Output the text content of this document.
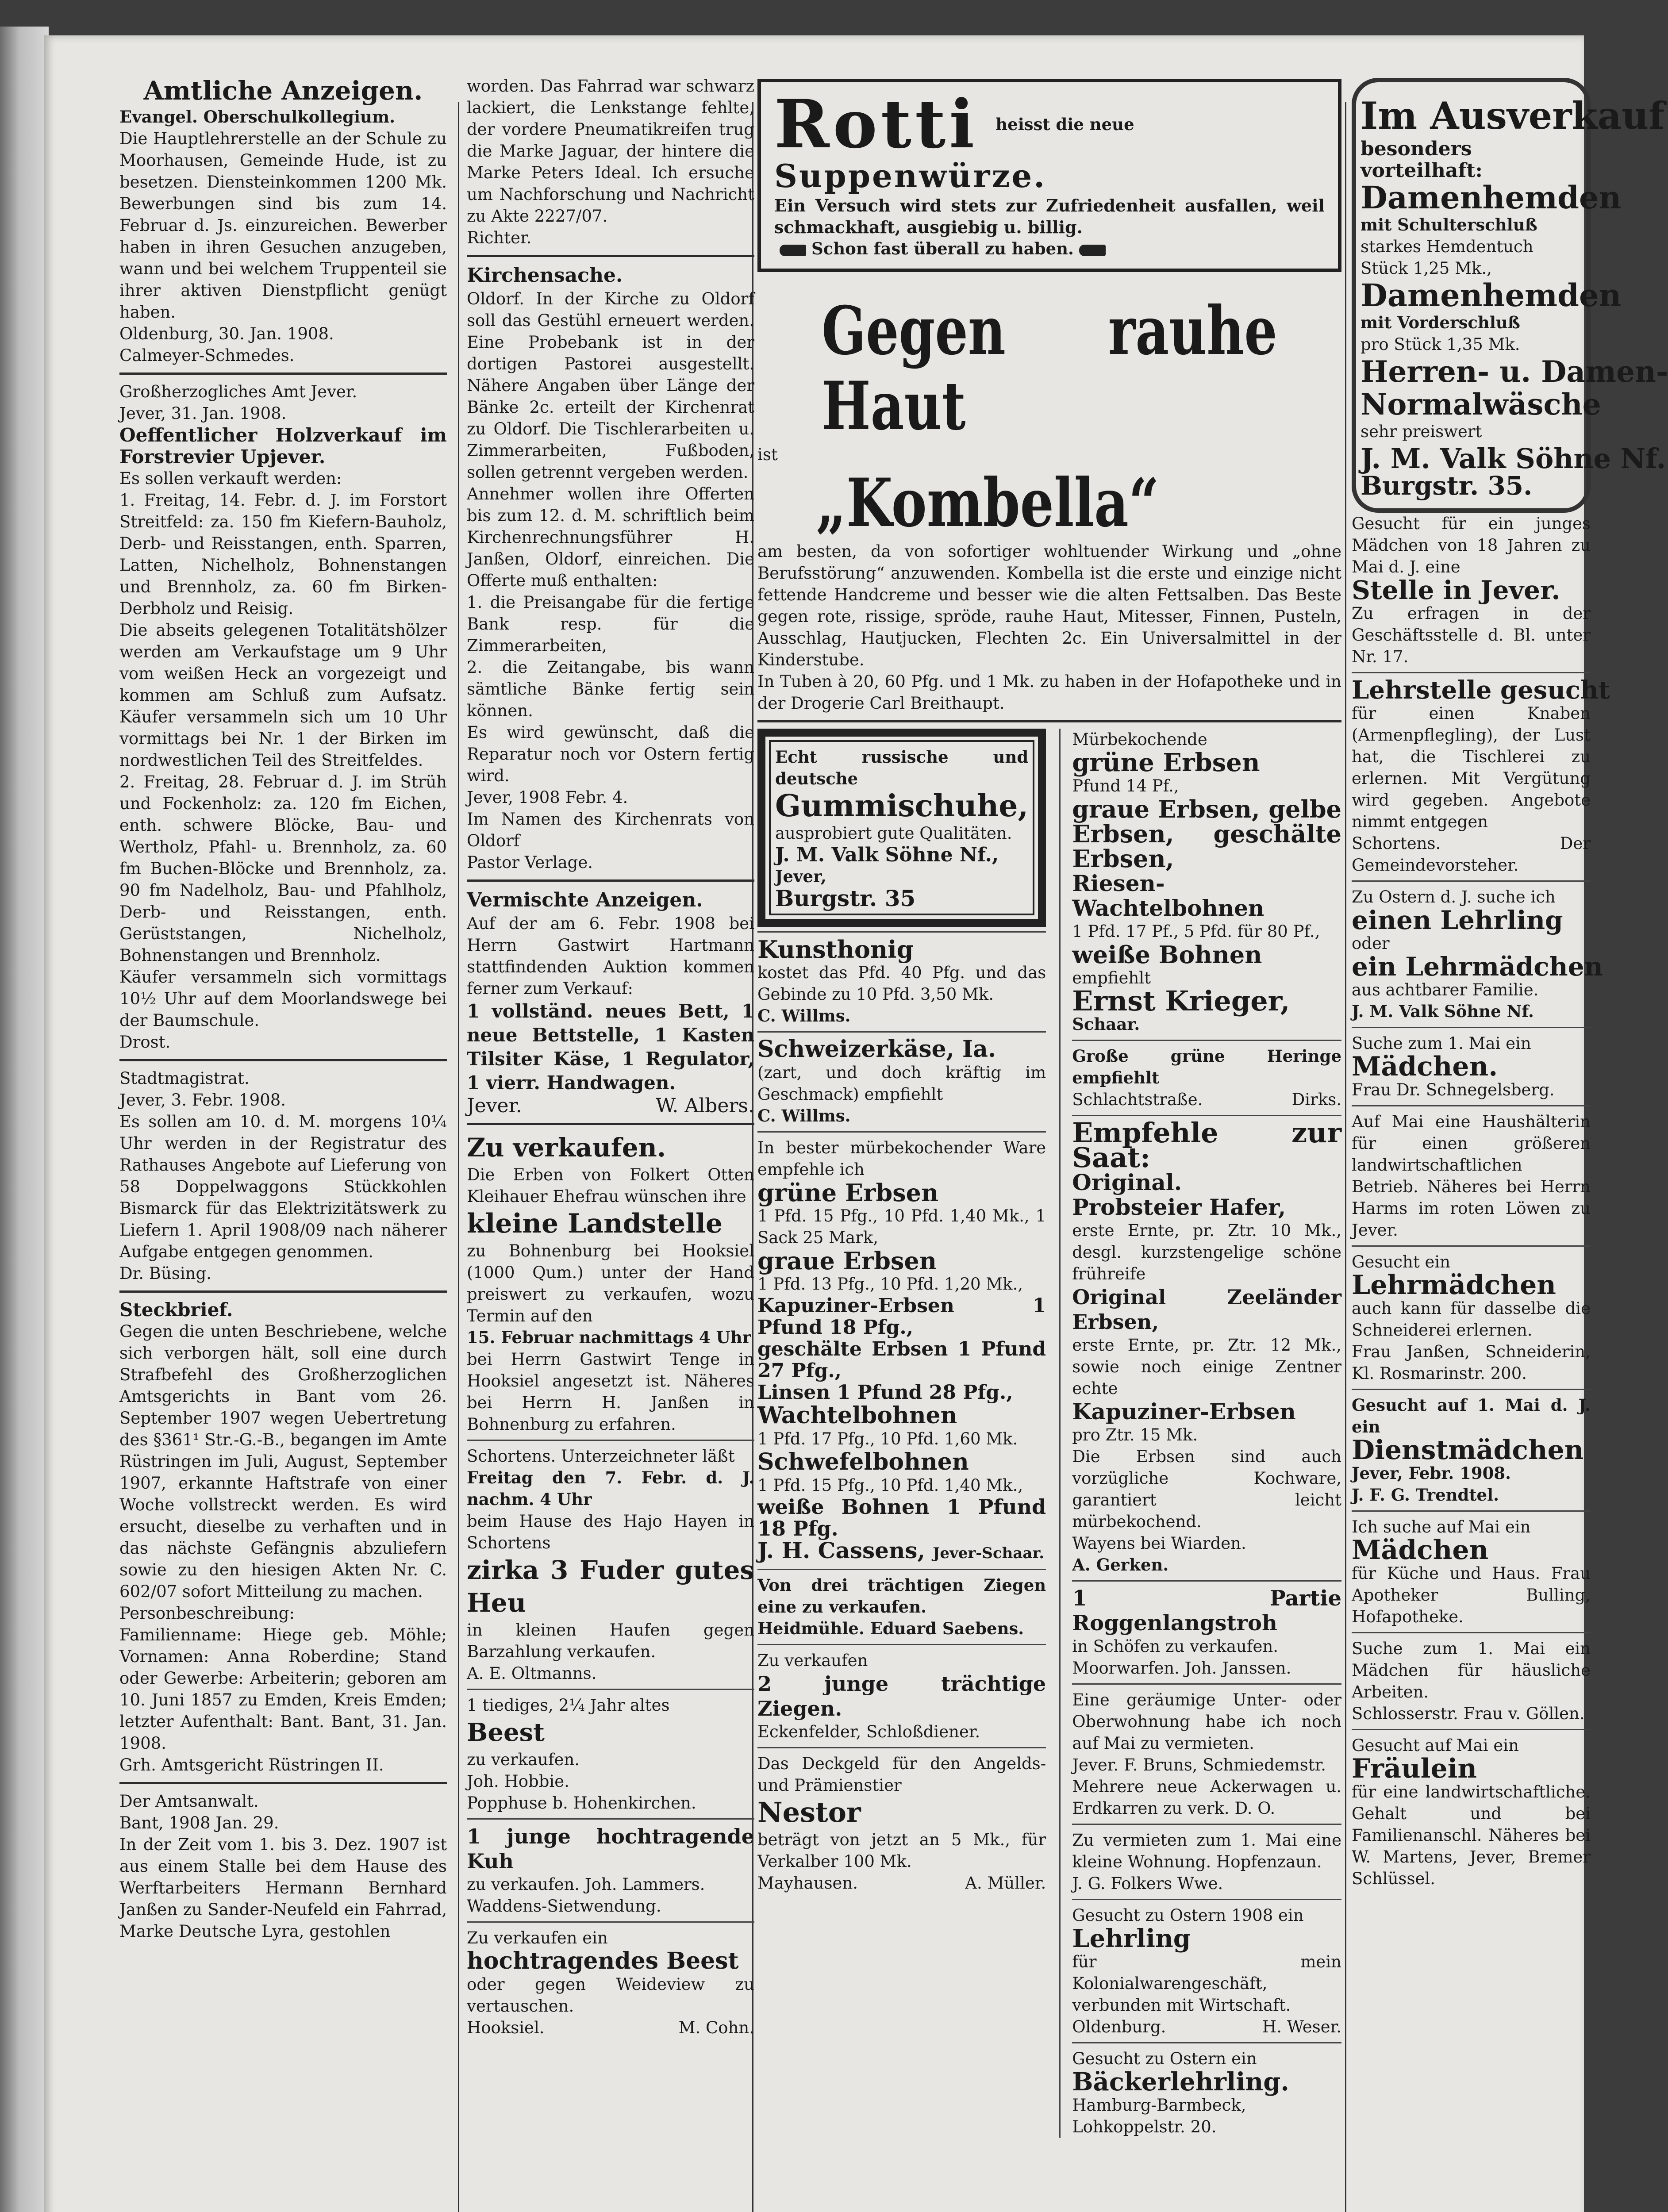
Amtliche Anzeigen.

Evangel. Oberschulkollegium.

Die Hauptlehrerstelle an der Schule zu Moorhausen, Gemeinde Hude, ist zu besetzen. Diensteinkommen 1200 Mk. Bewerbungen sind bis zum 14. Februar d. Js. einzureichen. Bewerber haben in ihren Gesuchen anzugeben, wann und bei welchem Truppenteil sie ihrer aktiven Dienstpflicht genügt haben.

Oldenburg, 30. Jan. 1908.

Calmeyer-Schmedes.

Großherzogliches Amt Jever.

Jever, 31. Jan. 1908.

Oeffentlicher Holzverkauf im Forstrevier Upjever.

Es sollen verkauft werden:

1. Freitag, 14. Febr. d. J. im Forstort Streitfeld: za. 150 fm Kiefern-Bauholz, Derb- und Reisstangen, enth. Sparren, Latten, Nichelholz, Bohnenstangen und Brennholz, za. 60 fm Birken-Derbholz und Reisig.

Die abseits gelegenen Totalitätshölzer werden am Verkaufstage um 9 Uhr vom weißen Heck an vorgezeigt und kommen am Schluß zum Aufsatz. Käufer versammeln sich um 10 Uhr vormittags bei Nr. 1 der Birken im nordwestlichen Teil des Streitfeldes.

2. Freitag, 28. Februar d. J. im Strüh und Fockenholz: za. 120 fm Eichen, enth. schwere Blöcke, Bau- und Wertholz, Pfahl- u. Brennholz, za. 60 fm Buchen-Blöcke und Brennholz, za. 90 fm Nadelholz, Bau- und Pfahlholz, Derb- und Reisstangen, enth. Gerüststangen, Nichelholz, Bohnenstangen und Brennholz.

Käufer versammeln sich vormittags 10½ Uhr auf dem Moorlandswege bei der Baumschule.

Drost.

Stadtmagistrat.

Jever, 3. Febr. 1908.

Es sollen am 10. d. M. morgens 10¼ Uhr werden in der Registratur des Rathauses Angebote auf Lieferung von 58 Doppelwaggons Stückkohlen Bismarck für das Elektrizitätswerk zu Liefern 1. April 1908/09 nach näherer Aufgabe entgegen genommen.

Dr. Büsing.

Steckbrief.

Gegen die unten Beschriebene, welche sich verborgen hält, soll eine durch Strafbefehl des Großherzoglichen Amtsgerichts in Bant vom 26. September 1907 wegen Uebertretung des §361¹ Str.-G.-B., begangen im Amte Rüstringen im Juli, August, September 1907, erkannte Haftstrafe von einer Woche vollstreckt werden. Es wird ersucht, dieselbe zu verhaften und in das nächste Gefängnis abzuliefern sowie zu den hiesigen Akten Nr. C. 602/07 sofort Mitteilung zu machen.

Personbeschreibung:

Familienname: Hiege geb. Möhle; Vornamen: Anna Roberdine; Stand oder Gewerbe: Arbeiterin; geboren am 10. Juni 1857 zu Emden, Kreis Emden; letzter Aufenthalt: Bant. Bant, 31. Jan. 1908.

Grh. Amtsgericht Rüstringen II.

Der Amtsanwalt.

Bant, 1908 Jan. 29.

In der Zeit vom 1. bis 3. Dez. 1907 ist aus einem Stalle bei dem Hause des Werftarbeiters Hermann Bernhard Janßen zu Sander-Neufeld ein Fahrrad, Marke Deutsche Lyra, gestohlen

worden. Das Fahrrad war schwarz lackiert, die Lenkstange fehlte, der vordere Pneumatikreifen trug die Marke Jaguar, der hintere die Marke Peters Ideal. Ich ersuche um Nachforschung und Nachricht zu Akte 2227/07.

Richter.

Kirchensache.

Oldorf. In der Kirche zu Oldorf soll das Gestühl erneuert werden. Eine Probebank ist in der dortigen Pastorei ausgestellt. Nähere Angaben über Länge der Bänke 2c. erteilt der Kirchenrat zu Oldorf. Die Tischlerarbeiten u. Zimmerarbeiten, Fußboden, sollen getrennt vergeben werden.

Annehmer wollen ihre Offerten bis zum 12. d. M. schriftlich beim Kirchenrechnungsführer H. Janßen, Oldorf, einreichen. Die Offerte muß enthalten:

1. die Preisangabe für die fertige Bank resp. für die Zimmerarbeiten,

2. die Zeitangabe, bis wann sämtliche Bänke fertig sein können.

Es wird gewünscht, daß die Reparatur noch vor Ostern fertig wird.

Jever, 1908 Febr. 4.

Im Namen des Kirchenrats von Oldorf

Pastor Verlage.

Vermischte Anzeigen.

Auf der am 6. Febr. 1908 bei Herrn Gastwirt Hartmann stattfindenden Auktion kommen ferner zum Verkauf:

1 vollständ. neues Bett, 1 neue Bettstelle, 1 Kasten Tilsiter Käse, 1 Regulator, 1 vierr. Handwagen.

Jever.	W. Albers.

Zu verkaufen.

Die Erben von Folkert Otten Kleihauer Ehefrau wünschen ihre

kleine Landstelle

zu Bohnenburg bei Hooksiel (1000 Qum.) unter der Hand preiswert zu verkaufen, wozu Termin auf den

15. Februar nachmittags 4 Uhr

bei Herrn Gastwirt Tenge in Hooksiel angesetzt ist. Näheres bei Herrn H. Janßen in Bohnenburg zu erfahren.

Schortens. Unterzeichneter läßt

Freitag den 7. Febr. d. J. nachm. 4 Uhr

beim Hause des Hajo Hayen in Schortens

zirka 3 Fuder gutes Heu

in kleinen Haufen gegen Barzahlung verkaufen.

A. E. Oltmanns.

1 tiediges, 2¼ Jahr altes

Beest

zu verkaufen.

Joh. Hobbie.

Popphuse b. Hohenkirchen.

1 junge hochtragende Kuh

zu verkaufen. Joh. Lammers.

Waddens-Sietwendung.

Zu verkaufen ein

hochtragendes Beest

oder gegen Weideview zu vertauschen.

Hooksiel.	M. Cohn.

Rotti heisst die neue

Suppenwürze.

Ein Versuch wird stets zur Zufriedenheit ausfallen, weil schmackhaft, ausgiebig u. billig.

Schon fast überall zu haben.

Gegen rauhe Haut

ist

„Kombella“

am besten, da von sofortiger wohltuender Wirkung und „ohne Berufsstörung“ anzuwenden. Kombella ist die erste und einzige nicht fettende Handcreme und besser wie die alten Fettsalben. Das Beste gegen rote, rissige, spröde, rauhe Haut, Mitesser, Finnen, Pusteln, Ausschlag, Hautjucken, Flechten 2c. Ein Universalmittel in der Kinderstube.

In Tuben à 20, 60 Pfg. und 1 Mk. zu haben in der Hofapotheke und in der Drogerie Carl Breithaupt.

Echt russische und deutsche

Gummischuhe,

ausprobiert gute Qualitäten.

J. M. Valk Söhne Nf.,

Jever,

Burgstr. 35

Kunsthonig

kostet das Pfd. 40 Pfg. und das Gebinde zu 10 Pfd. 3,50 Mk.

C. Willms.

Schweizerkäse, Ia.

(zart, und doch kräftig im Geschmack) empfiehlt

C. Willms.

In bester mürbekochender Ware empfehle ich

grüne Erbsen

1 Pfd. 15 Pfg., 10 Pfd. 1,40 Mk., 1 Sack 25 Mark,

graue Erbsen

1 Pfd. 13 Pfg., 10 Pfd. 1,20 Mk.,

Kapuziner-Erbsen 1 Pfund 18 Pfg.,

geschälte Erbsen 1 Pfund 27 Pfg.,

Linsen 1 Pfund 28 Pfg.,

Wachtelbohnen

1 Pfd. 17 Pfg., 10 Pfd. 1,60 Mk.

Schwefelbohnen

1 Pfd. 15 Pfg., 10 Pfd. 1,40 Mk.,

weiße Bohnen 1 Pfund 18 Pfg.

J. H. Cassens, Jever-Schaar.

Von drei trächtigen Ziegen eine zu verkaufen.

Heidmühle. Eduard Saebens.

Zu verkaufen

2 junge trächtige Ziegen.

Eckenfelder, Schloßdiener.

Das Deckgeld für den Angelds- und Prämienstier

Nestor

beträgt von jetzt an 5 Mk., für Verkalber 100 Mk.

Mayhausen.	A. Müller.

Mürbekochende

grüne Erbsen

Pfund 14 Pf.,

graue Erbsen, gelbe Erbsen, geschälte Erbsen,

Riesen-Wachtelbohnen

1 Pfd. 17 Pf., 5 Pfd. für 80 Pf.,

weiße Bohnen

empfiehlt

Ernst Krieger,

Schaar.

Große grüne Heringe empfiehlt

Schlachtstraße.	Dirks.

Empfehle zur Saat:

Original.

Probsteier Hafer,

erste Ernte, pr. Ztr. 10 Mk., desgl. kurzstengelige schöne frühreife

Original Zeeländer Erbsen,

erste Ernte, pr. Ztr. 12 Mk., sowie noch einige Zentner echte

Kapuziner-Erbsen

pro Ztr. 15 Mk.

Die Erbsen sind auch vorzügliche Kochware, garantiert leicht mürbekochend.

Wayens bei Wiarden.

A. Gerken.

1 Partie Roggenlangstroh

in Schöfen zu verkaufen.

Moorwarfen. Joh. Janssen.

Eine geräumige Unter- oder Oberwohnung habe ich noch auf Mai zu vermieten.

Jever. F. Bruns, Schmiedemstr.

Mehrere neue Ackerwagen u. Erdkarren zu verk. D. O.

Zu vermieten zum 1. Mai eine kleine Wohnung. Hopfenzaun.

J. G. Folkers Wwe.

Gesucht zu Ostern 1908 ein

Lehrling

für mein Kolonialwarengeschäft, verbunden mit Wirtschaft.

Oldenburg.	H. Weser.

Gesucht zu Ostern ein

Bäckerlehrling.

Hamburg-Barmbeck, Lohkoppelstr. 20.

Im Ausverkauf

besonders vorteilhaft:

Damenhemden

mit Schulterschluß

starkes Hemdentuch

Stück 1,25 Mk.,

Damenhemden

mit Vorderschluß

pro Stück 1,35 Mk.

Herren- u. Damen-

Normalwäsche

sehr preiswert

J. M. Valk Söhne Nf.

Burgstr. 35.

Gesucht für ein junges Mädchen von 18 Jahren zu Mai d. J. eine

Stelle in Jever.

Zu erfragen in der Geschäftsstelle d. Bl. unter Nr. 17.

Lehrstelle gesucht

für einen Knaben (Armenpflegling), der Lust hat, die Tischlerei zu erlernen. Mit Vergütung wird gegeben. Angebote nimmt entgegen

Schortens. Der Gemeindevorsteher.

Zu Ostern d. J. suche ich

einen Lehrling

oder

ein Lehrmädchen

aus achtbarer Familie.

J. M. Valk Söhne Nf.

Suche zum 1. Mai ein

Mädchen.

Frau Dr. Schnegelsberg.

Auf Mai eine Haushälterin für einen größeren landwirtschaftlichen Betrieb. Näheres bei Herrn Harms im roten Löwen zu Jever.

Gesucht ein

Lehrmädchen

auch kann für dasselbe die Schneiderei erlernen.

Frau Janßen, Schneiderin, Kl. Rosmarinstr. 200.

Gesucht auf 1. Mai d. J. ein

Dienstmädchen

Jever, Febr. 1908.

J. F. G. Trendtel.

Ich suche auf Mai ein

Mädchen

für Küche und Haus. Frau Apotheker Bulling, Hofapotheke.

Suche zum 1. Mai ein Mädchen für häusliche Arbeiten.

Schlosserstr. Frau v. Göllen.

Gesucht auf Mai ein

Fräulein

für eine landwirtschaftliche. Gehalt und bei Familienanschl. Näheres bei W. Martens, Jever, Bremer Schlüssel.
